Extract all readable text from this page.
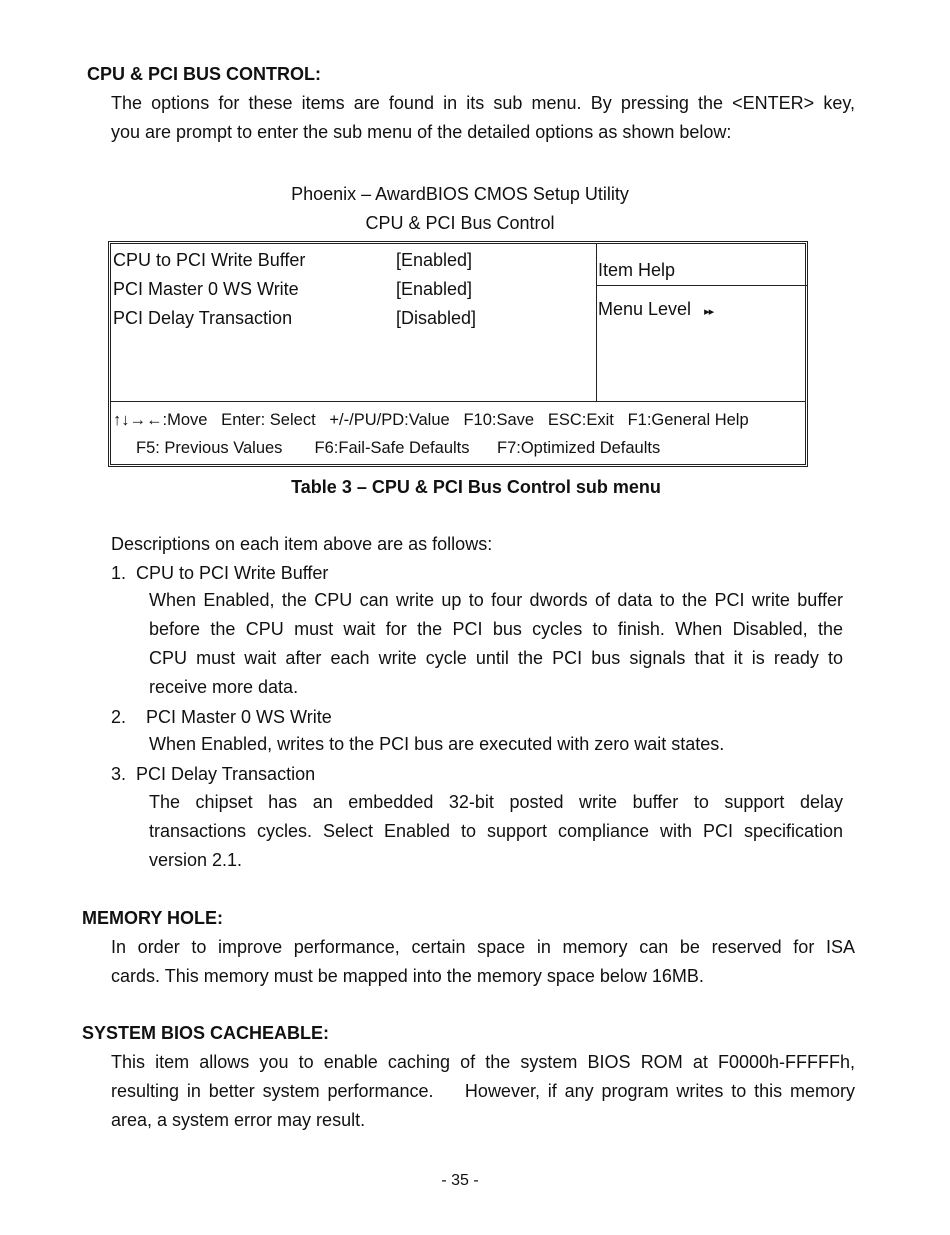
CPU & PCI BUS CONTROL:
The options for these items are found in its sub menu. By pressing the <ENTER> key,
you are prompt to enter the sub menu of the detailed options as shown below:
Phoenix – AwardBIOS CMOS Setup Utility
CPU & PCI Bus Control
CPU to PCI Write Buffer	[Enabled]
PCI Master 0 WS Write	[Enabled]
PCI Delay Transaction	[Disabled]
Item Help
Menu Level ▸▸
↑↓→←:Move   Enter: Select   +/-/PU/PD:Value   F10:Save   ESC:Exit   F1:General Help
F5: Previous Values       F6:Fail-Safe Defaults      F7:Optimized Defaults
Table 3 – CPU & PCI Bus Control sub menu
Descriptions on each item above are as follows:
1.  CPU to PCI Write Buffer
When Enabled, the CPU can write up to four dwords of data to the PCI write buffer
before the CPU must wait for the PCI bus cycles to finish. When Disabled, the
CPU must wait after each write cycle until the PCI bus signals that it is ready to
receive more data.
2.    PCI Master 0 WS Write
When Enabled, writes to the PCI bus are executed with zero wait states.
3.  PCI Delay Transaction
The chipset has an embedded 32-bit posted write buffer to support delay
transactions cycles. Select Enabled to support compliance with PCI specification
version 2.1.
MEMORY HOLE:
In order to improve performance, certain space in memory can be reserved for ISA
cards. This memory must be mapped into the memory space below 16MB.
SYSTEM BIOS CACHEABLE:
This item allows you to enable caching of the system BIOS ROM at F0000h-FFFFFh,
resulting in better system performance.    However, if any program writes to this memory
area, a system error may result.
- 35 -
